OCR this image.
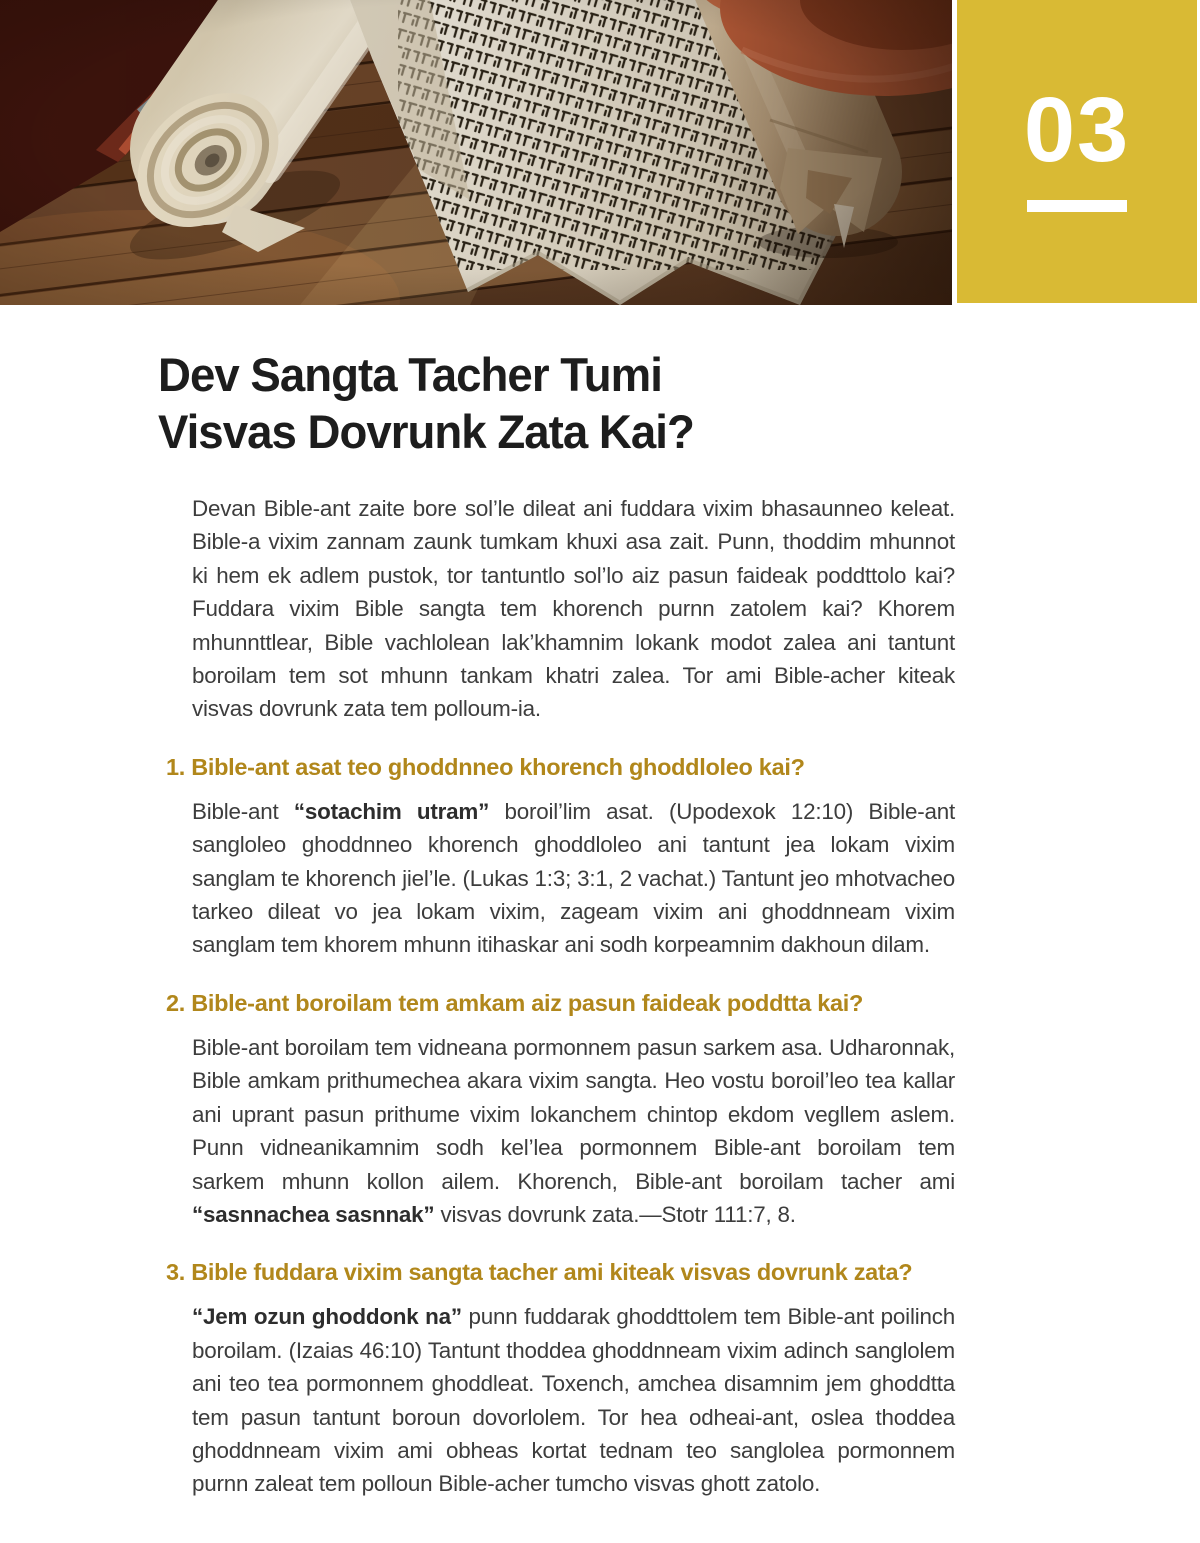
03
Dev Sangta Tacher Tumi
Visvas Dovrunk Zata Kai?

Devan Bible-ant zaite bore sol’le dileat ani fuddara vixim bhasaunneo keleat. Bible-a vixim zannam zaunk tumkam khuxi asa zait. Punn, thoddim mhunnot ki hem ek adlem pustok, tor tantuntlo sol’lo aiz pasun faideak poddttolo kai? Fuddara vixim Bible sangta tem khorench purnn zatolem kai? Khorem mhunnttlear, Bible vachlolean lak’khamnim lokank modot zalea ani tantunt boroilam tem sot mhunn tankam khatri zalea. Tor ami Bible-acher kiteak visvas dovrunk zata tem polloum-ia.

1. Bible-ant asat teo ghoddnneo khorench ghoddloleo kai?

Bible-ant “sotachim utram” boroil’lim asat. (Upodexok 12:10) Bible-ant sangloleo ghoddnneo khorench ghoddloleo ani tantunt jea lokam vixim sanglam te khorench jiel’le. (Lukas 1:3; 3:1, 2 vachat.) Tantunt jeo mhotvacheo tarkeo dileat vo jea lokam vixim, zageam vixim ani ghoddnneam vixim sanglam tem khorem mhunn itihaskar ani sodh korpeamnim dakhoun dilam.

2. Bible-ant boroilam tem amkam aiz pasun faideak poddtta kai?

Bible-ant boroilam tem vidneana pormonnem pasun sarkem asa. Udharonnak, Bible amkam prithumechea akara vixim sangta. Heo vostu boroil’leo tea kallar ani uprant pasun prithume vixim lokanchem chintop ekdom vegllem aslem. Punn vidneanikamnim sodh kel’lea pormonnem Bible-ant boroilam tem sarkem mhunn kollon ailem. Khorench, Bible-ant boroilam tacher ami “sasnnachea sasnnak” visvas dovrunk zata.—Stotr 111:7, 8.

3. Bible fuddara vixim sangta tacher ami kiteak visvas dovrunk zata?

“Jem ozun ghoddonk na” punn fuddarak ghoddttolem tem Bible-ant poilinch boroilam. (Izaias 46:10) Tantunt thoddea ghoddnneam vixim adinch sanglolem ani teo tea pormonnem ghoddleat. Toxench, amchea disamnim jem ghoddtta tem pasun tantunt boroun dovorlolem. Tor hea odheai-ant, oslea thoddea ghoddnneam vixim ami obheas kortat tednam teo sanglolea pormonnem purnn zaleat tem polloun Bible-acher tumcho visvas ghott zatolo.
